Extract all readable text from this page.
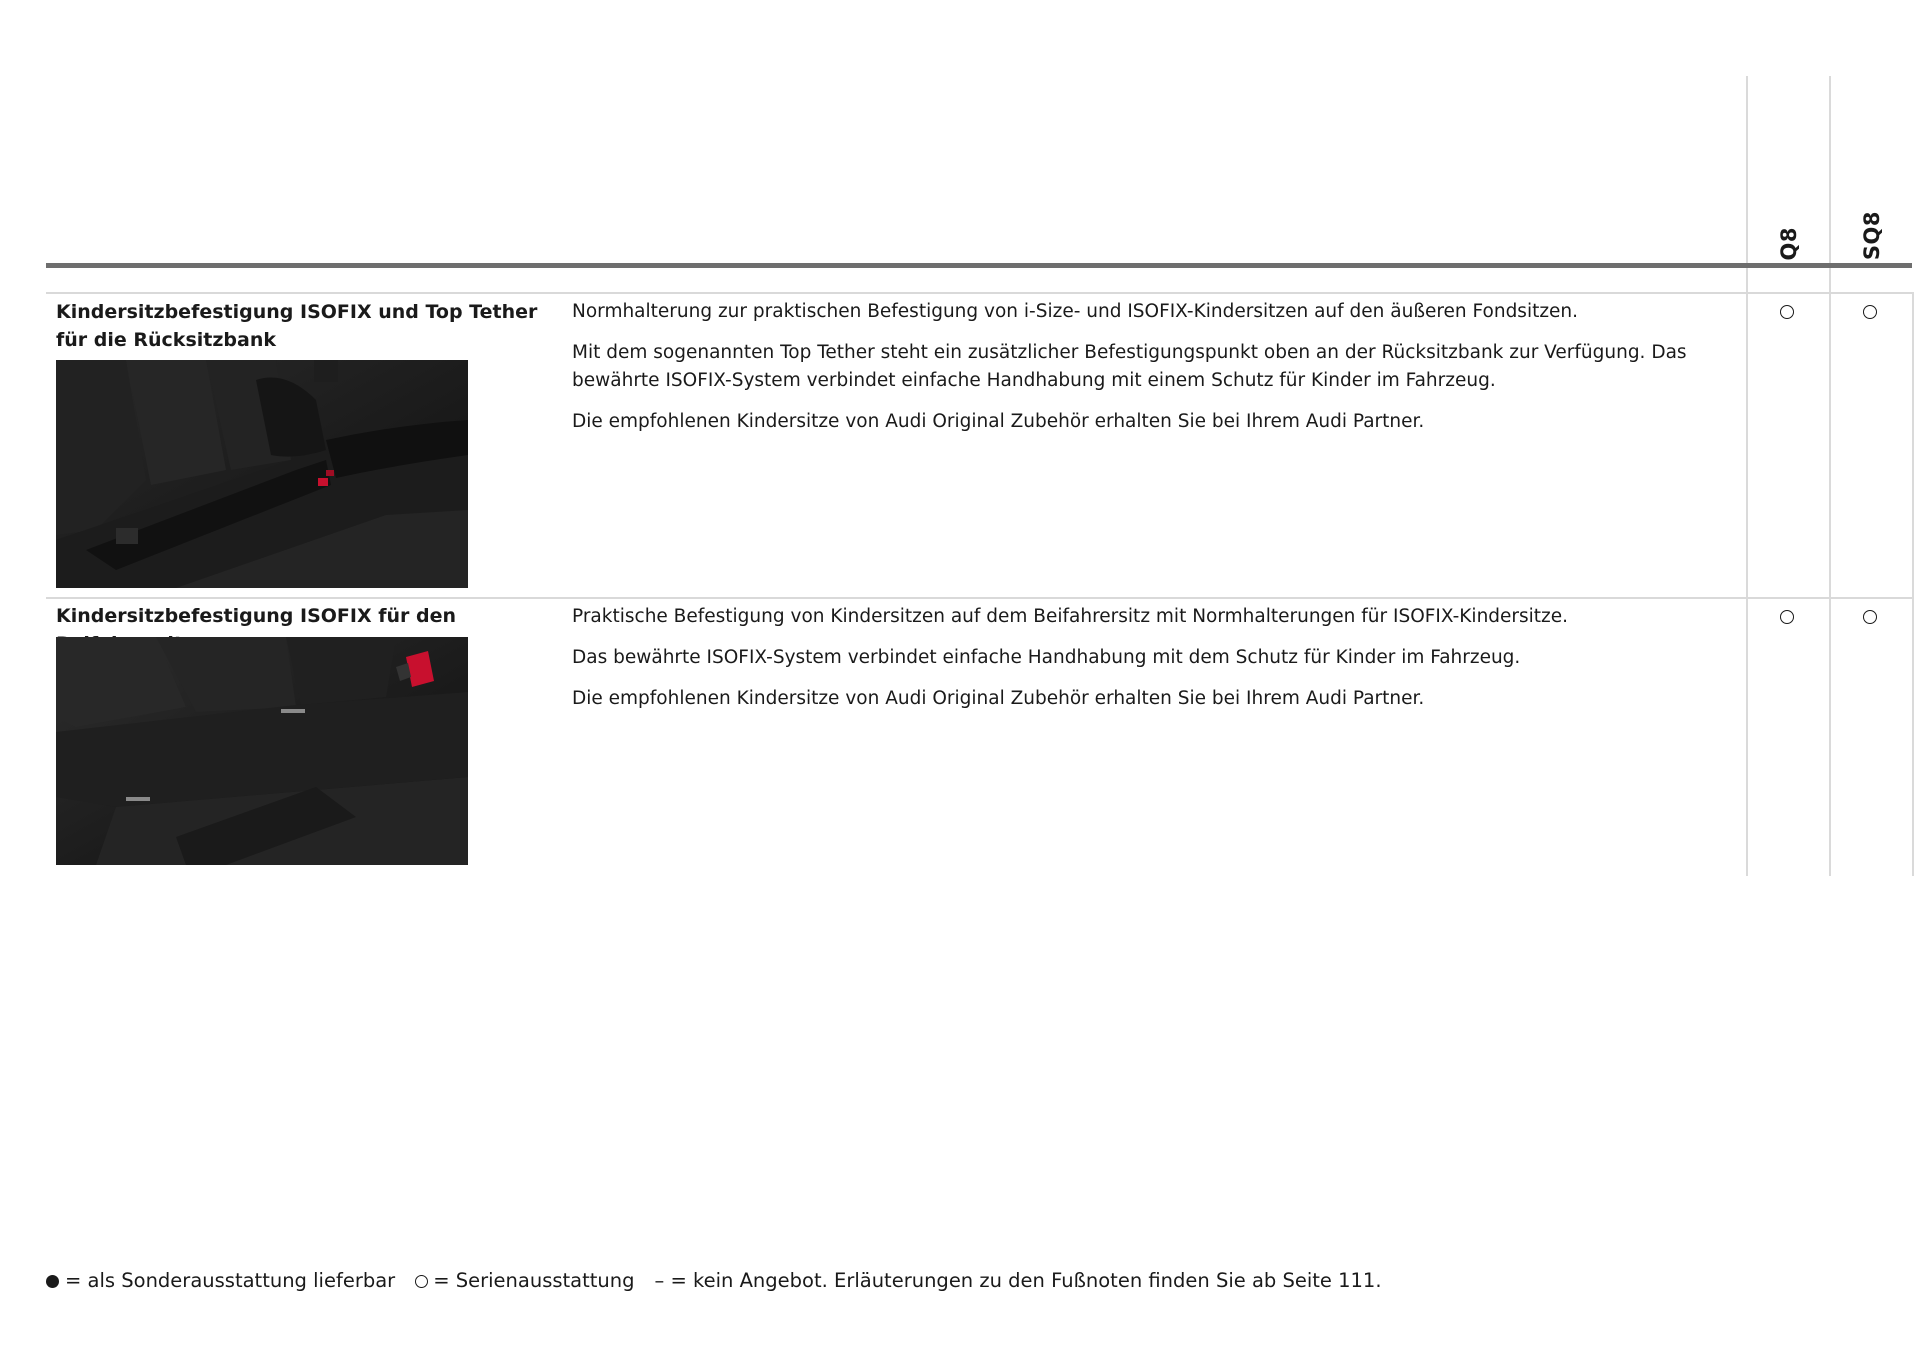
Q8	SQ8
Kindersitzbefestigung ISOFIX und Top Tether für die Rücksitzbank

Normhalterung zur praktischen Befestigung von i-Size- und ISOFIX-Kindersitzen auf den äußeren Fondsitzen.

Mit dem sogenannten Top Tether steht ein zusätzlicher Befestigungspunkt oben an der Rücksitzbank zur Verfügung. Das bewährte ISOFIX-System verbindet einfache Handhabung mit einem Schutz für Kinder im Fahrzeug.

Die empfohlenen Kindersitze von Audi Original Zubehör erhalten Sie bei Ihrem Audi Partner.

Kindersitzbefestigung ISOFIX für den	Praktische Befestigung von Kindersitzen auf dem Beifahrersitz mit Normhalterungen für ISOFIX-Kindersitze.

Das bewährte ISOFIX-System verbindet einfache Handhabung mit dem Schutz für Kinder im Fahrzeug.

Die empfohlenen Kindersitze von Audi Original Zubehör erhalten Sie bei Ihrem Audi Partner.

= als Sonderausstattung lieferbar = Serienausstattung – = kein Angebot. Erläuterungen zu den Fußnoten finden Sie ab Seite 111.
